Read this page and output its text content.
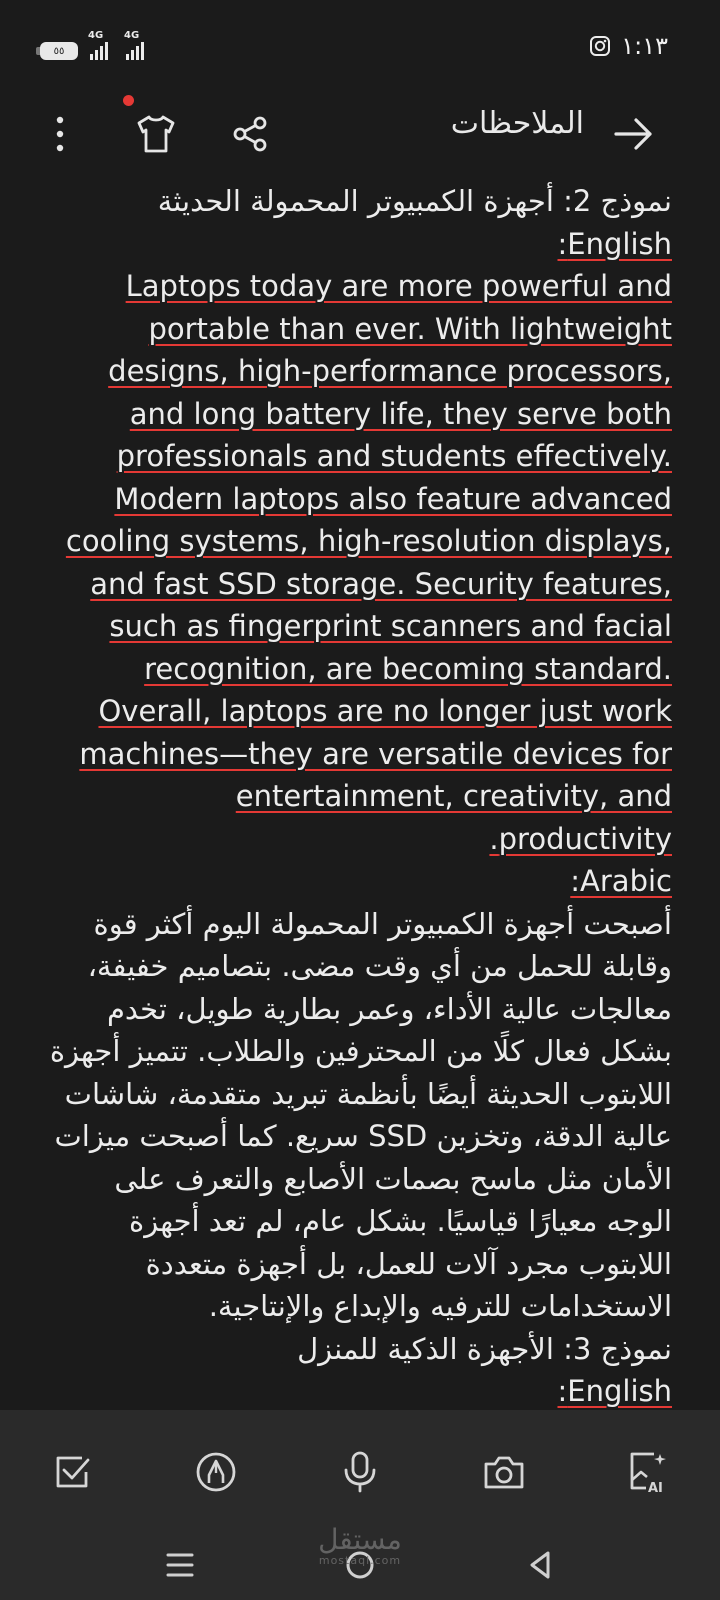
٥٥
4G 4G	١:١٣
الملاحظات

نموذج 2: أجهزة الكمبيوتر المحمولة الحديثة

English:

Laptops today are more powerful and portable than ever. With lightweight designs, high-performance processors, and long battery life, they serve both professionals and students effectively. Modern laptops also feature advanced cooling systems, high-resolution displays, and fast SSD storage. Security features, such as fingerprint scanners and facial recognition, are becoming standard. Overall, laptops are no longer just work machines—they are versatile devices for entertainment, creativity, and productivity.

Arabic:

أصبحت أجهزة الكمبيوتر المحمولة اليوم أكثر قوة وقابلة للحمل من أي وقت مضى. بتصاميم خفيفة، معالجات عالية الأداء، وعمر بطارية طويل، تخدم بشكل فعال كلًا من المحترفين والطلاب. تتميز أجهزة اللابتوب الحديثة أيضًا بأنظمة تبريد متقدمة، شاشات عالية الدقة، وتخزين SSD سريع. كما أصبحت ميزات الأمان مثل ماسح بصمات الأصابع والتعرف على الوجه معيارًا قياسيًا. بشكل عام، لم تعد أجهزة اللابتوب مجرد آلات للعمل، بل أجهزة متعددة الاستخدامات للترفيه والإبداع والإنتاجية.

نموذج 3: الأجهزة الذكية للمنزل

English:

AI
مستقل
mostaql.com
